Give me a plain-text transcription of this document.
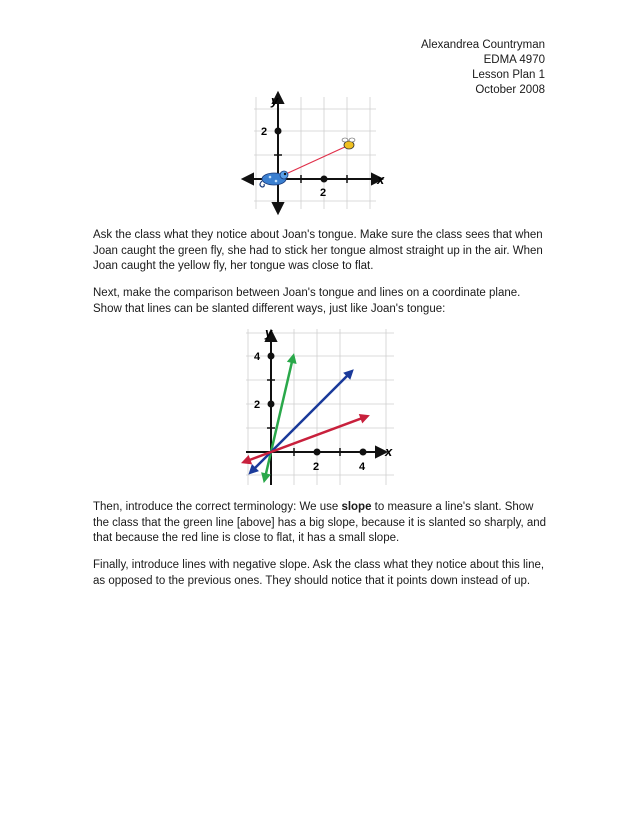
Alexandrea Countryman
EDMA 4970
Lesson Plan 1
October 2008
y
x
2
2

Ask the class what they notice about Joan's tongue. Make sure the class sees that when Joan caught the green fly, she had to stick her tongue almost straight up in the air. When Joan caught the yellow fly, her tongue was close to flat.

Next, make the comparison between Joan's tongue and lines on a coordinate plane. Show that lines can be slanted different ways, just like Joan's tongue:

y
x
2	4
2
4

Then, introduce the correct terminology: We use slope to measure a line's slant. Show the class that the green line [above] has a big slope, because it is slanted so sharply, and that because the red line is close to flat, it has a small slope.

Finally, introduce lines with negative slope. Ask the class what they notice about this line, as opposed to the previous ones. They should notice that it points down instead of up.
